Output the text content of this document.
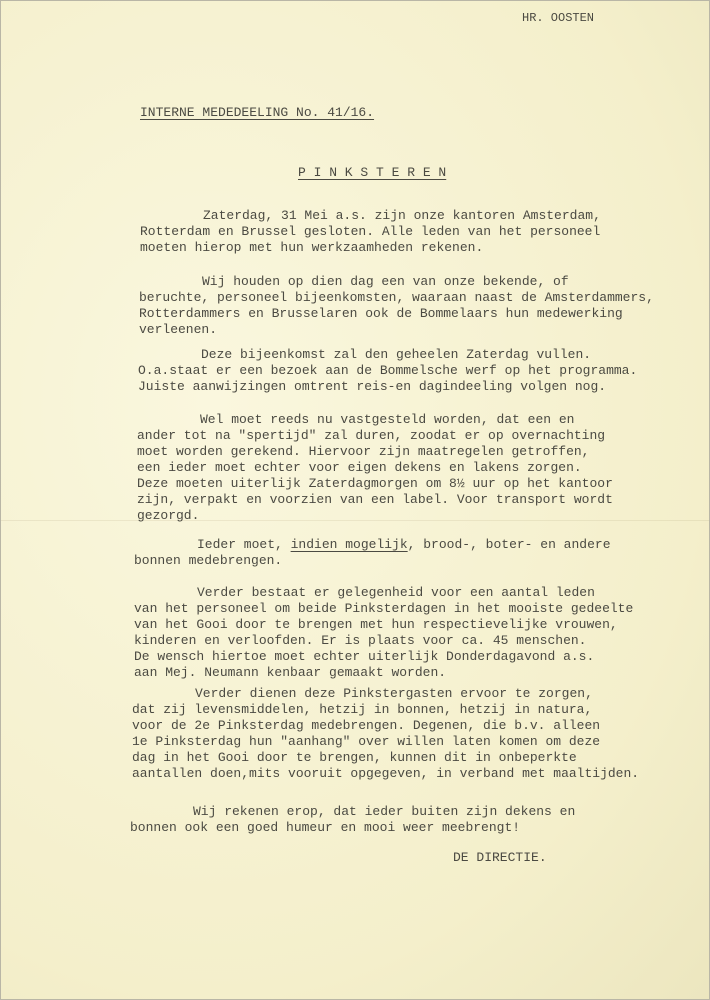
HR. OOSTEN
INTERNE MEDEDEELING No. 41/16.
P I N K S T E R E N
Zaterdag, 31 Mei a.s. zijn onze kantoren Amsterdam,
Rotterdam en Brussel gesloten. Alle leden van het personeel
moeten hierop met hun werkzaamheden rekenen.
Wij houden op dien dag een van onze bekende, of
beruchte, personeel bijeenkomsten, waaraan naast de Amsterdammers,
Rotterdammers en Brusselaren ook de Bommelaars hun medewerking
verleenen.
Deze bijeenkomst zal den geheelen Zaterdag vullen.
O.a.staat er een bezoek aan de Bommelsche werf op het programma.
Juiste aanwijzingen omtrent reis-en dagindeeling volgen nog.
Wel moet reeds nu vastgesteld worden, dat een en
ander tot na "spertijd" zal duren, zoodat er op overnachting
moet worden gerekend. Hiervoor zijn maatregelen getroffen,
een ieder moet echter voor eigen dekens en lakens zorgen.
Deze moeten uiterlijk Zaterdagmorgen om 8½ uur op het kantoor
zijn, verpakt en voorzien van een label. Voor transport wordt
gezorgd.
Ieder moet, indien mogelijk, brood-, boter- en andere
bonnen medebrengen.
Verder bestaat er gelegenheid voor een aantal leden
van het personeel om beide Pinksterdagen in het mooiste gedeelte
van het Gooi door te brengen met hun respectievelijke vrouwen,
kinderen en verloofden. Er is plaats voor ca. 45 menschen.
De wensch hiertoe moet echter uiterlijk Donderdagavond a.s.
aan Mej. Neumann kenbaar gemaakt worden.
Verder dienen deze Pinkstergasten ervoor te zorgen,
dat zij levensmiddelen, hetzij in bonnen, hetzij in natura,
voor de 2e Pinksterdag medebrengen. Degenen, die b.v. alleen
1e Pinksterdag hun "aanhang" over willen laten komen om deze
dag in het Gooi door te brengen, kunnen dit in onbeperkte
aantallen doen,mits vooruit opgegeven, in verband met maaltijden.
Wij rekenen erop, dat ieder buiten zijn dekens en
bonnen ook een goed humeur en mooi weer meebrengt!
DE DIRECTIE.
